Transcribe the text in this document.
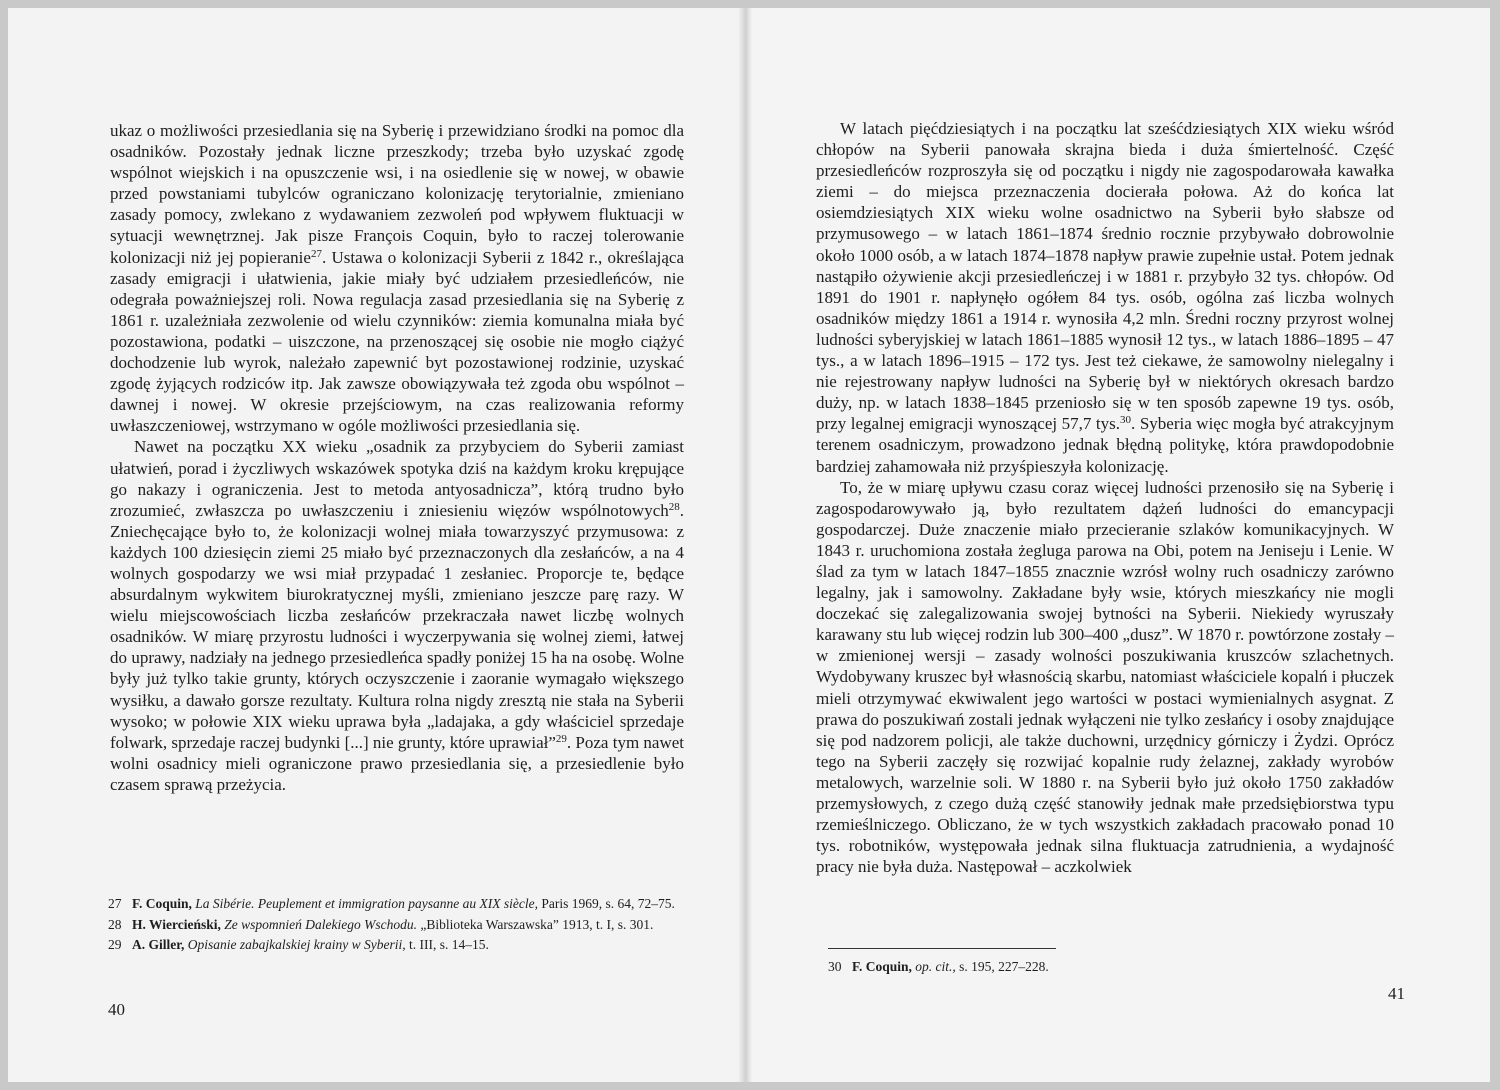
ukaz o możliwości przesiedlania się na Syberię i przewidziano środki na pomoc dla osadników. Pozostały jednak liczne przeszkody; trzeba było uzyskać zgodę wspólnot wiejskich i na opuszczenie wsi, i na osiedlenie się w nowej, w obawie przed powstaniami tubylców ograniczano kolonizację terytorialnie, zmieniano zasady pomocy, zwlekano z wydawaniem zezwoleń pod wpływem fluktuacji w sytuacji wewnętrznej. Jak pisze François Coquin, było to raczej tolerowanie kolonizacji niż jej popieranie$^{27}$. Ustawa o kolonizacji Syberii z 1842 r., określająca zasady emigracji i ułatwienia, jakie miały być udziałem przesiedleńców, nie odegrała poważniejszej roli. Nowa regulacja zasad przesiedlania się na Syberię z 1861 r. uzależniała zezwolenie od wielu czynników: ziemia komunalna miała być pozostawiona, podatki – uiszczone, na przenoszącej się osobie nie mogło ciążyć dochodzenie lub wyrok, należało zapewnić byt pozostawionej rodzinie, uzyskać zgodę żyjących rodziców itp. Jak zawsze obowiązywała też zgoda obu wspólnot – dawnej i nowej. W okresie przejściowym, na czas realizowania reformy uwłaszczeniowej, wstrzymano w ogóle możliwości przesiedlania się.

Nawet na początku XX wieku „osadnik za przybyciem do Syberii zamiast ułatwień, porad i życzliwych wskazówek spotyka dziś na każdym kroku krępujące go nakazy i ograniczenia. Jest to metoda antyosadnicza”, którą trudno było zrozumieć, zwłaszcza po uwłaszczeniu i zniesieniu więzów wspólnotowych$^{28}$. Zniechęcające było to, że kolonizacji wolnej miała towarzyszyć przymusowa: z każdych 100 dziesięcin ziemi 25 miało być przeznaczonych dla zesłańców, a na 4 wolnych gospodarzy we wsi miał przypadać 1 zesłaniec. Proporcje te, będące absurdalnym wykwitem biurokratycznej myśli, zmieniano jeszcze parę razy. W wielu miejscowościach liczba zesłańców przekraczała nawet liczbę wolnych osadników. W miarę przyrostu ludności i wyczerpywania się wolnej ziemi, łatwej do uprawy, nadziały na jednego przesiedleńca spadły poniżej 15 ha na osobę. Wolne były już tylko takie grunty, których oczyszczenie i zaoranie wymagało większego wysiłku, a dawało gorsze rezultaty. Kultura rolna nigdy zresztą nie stała na Syberii wysoko; w połowie XIX wieku uprawa była „ladajaka, a gdy właściciel sprzedaje folwark, sprzedaje raczej budynki [...] nie grunty, które uprawiał”$^{29}$. Poza tym nawet wolni osadnicy mieli ograniczone prawo przesiedlania się, a przesiedlenie było czasem sprawą przeżycia.

27 F. Coquin, La Sibérie. Peuplement et immigration paysanne au XIX siècle, Paris 1969, s. 64, 72–75.
28 H. Wiercieński, Ze wspomnień Dalekiego Wschodu. „Biblioteka Warszawska” 1913, t. I, s. 301.
29 A. Giller, Opisanie zabajkalskiej krainy w Syberii, t. III, s. 14–15.
40

W latach pięćdziesiątych i na początku lat sześćdziesiątych XIX wieku wśród chłopów na Syberii panowała skrajna bieda i duża śmiertelność. Część przesiedleńców rozproszyła się od początku i nigdy nie zagospodarowała kawałka ziemi – do miejsca przeznaczenia docierała połowa. Aż do końca lat osiemdziesiątych XIX wieku wolne osadnictwo na Syberii było słabsze od przymusowego – w latach 1861–1874 średnio rocznie przybywało dobrowolnie około 1000 osób, a w latach 1874–1878 napływ prawie zupełnie ustał. Potem jednak nastąpiło ożywienie akcji przesiedleńczej i w 1881 r. przybyło 32 tys. chłopów. Od 1891 do 1901 r. napłynęło ogółem 84 tys. osób, ogólna zaś liczba wolnych osadników między 1861 a 1914 r. wynosiła 4,2 mln. Średni roczny przyrost wolnej ludności syberyjskiej w latach 1861–1885 wynosił 12 tys., w latach 1886–1895 – 47 tys., a w latach 1896–1915 – 172 tys. Jest też ciekawe, że samowolny nielegalny i nie rejestrowany napływ ludności na Syberię był w niektórych okresach bardzo duży, np. w latach 1838–1845 przeniosło się w ten sposób zapewne 19 tys. osób, przy legalnej emigracji wynoszącej 57,7 tys.$^{30}$. Syberia więc mogła być atrakcyjnym terenem osadniczym, prowadzono jednak błędną politykę, która prawdopodobnie bardziej zahamowała niż przyśpieszyła kolonizację.

To, że w miarę upływu czasu coraz więcej ludności przenosiło się na Syberię i zagospodarowywało ją, było rezultatem dążeń ludności do emancypacji gospodarczej. Duże znaczenie miało przecieranie szlaków komunikacyjnych. W 1843 r. uruchomiona została żegluga parowa na Obi, potem na Jeniseju i Lenie. W ślad za tym w latach 1847–1855 znacznie wzrósł wolny ruch osadniczy zarówno legalny, jak i samowolny. Zakładane były wsie, których mieszkańcy nie mogli doczekać się zalegalizowania swojej bytności na Syberii. Niekiedy wyruszały karawany stu lub więcej rodzin lub 300–400 „dusz”. W 1870 r. powtórzone zostały – w zmienionej wersji – zasady wolności poszukiwania kruszców szlachetnych. Wydobywany kruszec był własnością skarbu, natomiast właściciele kopalń i płuczek mieli otrzymywać ekwiwalent jego wartości w postaci wymienialnych asygnat. Z prawa do poszukiwań zostali jednak wyłączeni nie tylko zesłańcy i osoby znajdujące się pod nadzorem policji, ale także duchowni, urzędnicy górniczy i Żydzi. Oprócz tego na Syberii zaczęły się rozwijać kopalnie rudy żelaznej, zakłady wyrobów metalowych, warzelnie soli. W 1880 r. na Syberii było już około 1750 zakładów przemysłowych, z czego dużą część stanowiły jednak małe przedsiębiorstwa typu rzemieślniczego. Obliczano, że w tych wszystkich zakładach pracowało ponad 10 tys. robotników, występowała jednak silna fluktuacja zatrudnienia, a wydajność pracy nie była duża. Następował – aczkolwiek

30 F. Coquin, op. cit., s. 195, 227–228.
41
